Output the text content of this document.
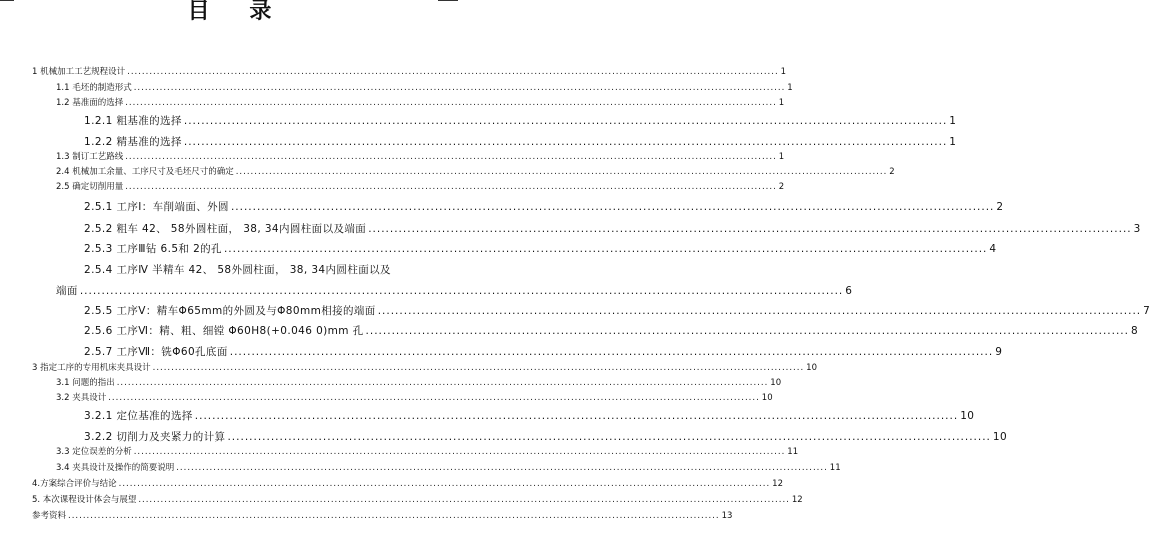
目 录
1 机械加工工艺规程设计 ................................................................................................................................................................................ 1
1.1 毛坯的制造形式 ................................................................................................................................................................................ 1
1.2 基准面的选择 ................................................................................................................................................................................ 1
1.2.1 粗基准的选择 ................................................................................................................................................................................ 1
1.2.2 精基准的选择 ................................................................................................................................................................................ 1
1.3 制订工艺路线 ................................................................................................................................................................................ 1
2.4 机械加工余量、工序尺寸及毛坯尺寸的确定 ................................................................................................................................................................................ 2
2.5 确定切削用量 ................................................................................................................................................................................ 2
2.5.1 工序Ⅰ：车削端面、外圆 ................................................................................................................................................................................ 2
2.5.2 粗车 42、 58外圆柱面， 38, 34内圆柱面以及端面 ................................................................................................................................................................................ 3
2.5.3 工序Ⅲ钻 6.5和 2的孔 ................................................................................................................................................................................ 4
2.5.4 工序Ⅳ 半精车 42、 58外圆柱面， 38, 34内圆柱面以及
端面 ................................................................................................................................................................................ 6
2.5.5 工序Ⅴ：精车Φ65mm的外圆及与Φ80mm相接的端面 ................................................................................................................................................................................ 7
2.5.6 工序Ⅵ：精、粗、细镗 Φ60H8(+0.046 0)mm 孔 ................................................................................................................................................................................ 8
2.5.7 工序Ⅶ：铣Φ60孔底面 ................................................................................................................................................................................ 9
3 指定工序的专用机床夹具设计 ................................................................................................................................................................................ 10
3.1 问题的指出 ................................................................................................................................................................................ 10
3.2 夹具设计 ................................................................................................................................................................................ 10
3.2.1 定位基准的选择 ................................................................................................................................................................................ 10
3.2.2 切削力及夹紧力的计算 ................................................................................................................................................................................ 10
3.3 定位误差的分析 ................................................................................................................................................................................ 11
3.4 夹具设计及操作的简要说明 ................................................................................................................................................................................ 11
4.方案综合评价与结论 ................................................................................................................................................................................ 12
5. 本次课程设计体会与展望 ................................................................................................................................................................................ 12
参考资料 ................................................................................................................................................................................ 13
